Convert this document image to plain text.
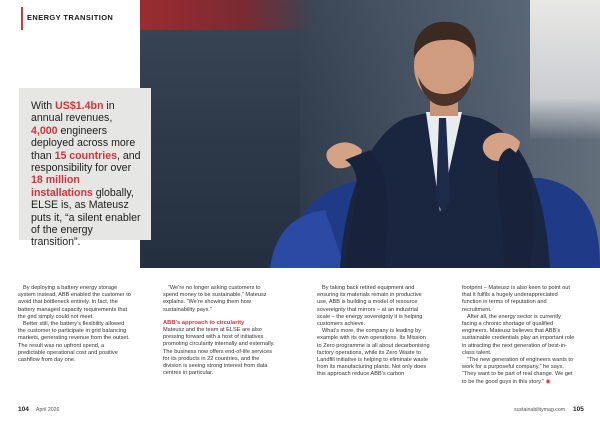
ENERGY TRANSITION
With US$1.4bn in annual revenues, 4,000 engineers deployed across more than 15 countries, and responsibility for over 18 million installations globally, ELSE is, as Mateusz puts it, “a silent enabler of the energy transition”.

By deploying a battery energy storage system instead, ABB enabled the customer to avoid that bottleneck entirely. In fact, the battery managed capacity requirements that the grid simply could not meet.

Better still, the battery’s flexibility allowed the customer to participate in grid balancing markets, generating revenue from the outset. The result was no upfront spend, a predictable operational cost and positive cashflow from day one.

“We’re no longer asking customers to spend money to be sustainable,” Mateusz explains. “We’re showing them how sustainability pays.”

ABB’s approach to circularity

Mateusz and the team at ELSE are also pressing forward with a host of initiatives promoting circularity internally and externally. The business now offers end-of-life services for its products in 22 countries, and the division is seeing strong interest from data centres in particular.

By taking back retired equipment and ensuring its materials remain in productive use, ABB is building a model of resource sovereignty that mirrors – at an industrial scale – the energy sovereignty it is helping customers achieve.

What’s more, the company is leading by example with its own operations. Its Mission to Zero programme is all about decarbonising factory operations, while its Zero Waste to Landfill initiative is helping to eliminate waste from its manufacturing plants. Not only does this approach reduce ABB’s carbon

footprint – Mateusz is also keen to point out that it fulfils a hugely underappreciated function in terms of reputation and recruitment.

After all, the energy sector is currently facing a chronic shortage of qualified engineers. Mateusz believes that ABB’s sustainable credentials play an important role in attracting the next generation of best-in-class talent.

“The new generation of engineers wants to work for a purposeful company,” he says. “They want to be part of real change. We get to be the good guys in this story.” ◉

104 April 2026	sustainabilitymag.com 105
